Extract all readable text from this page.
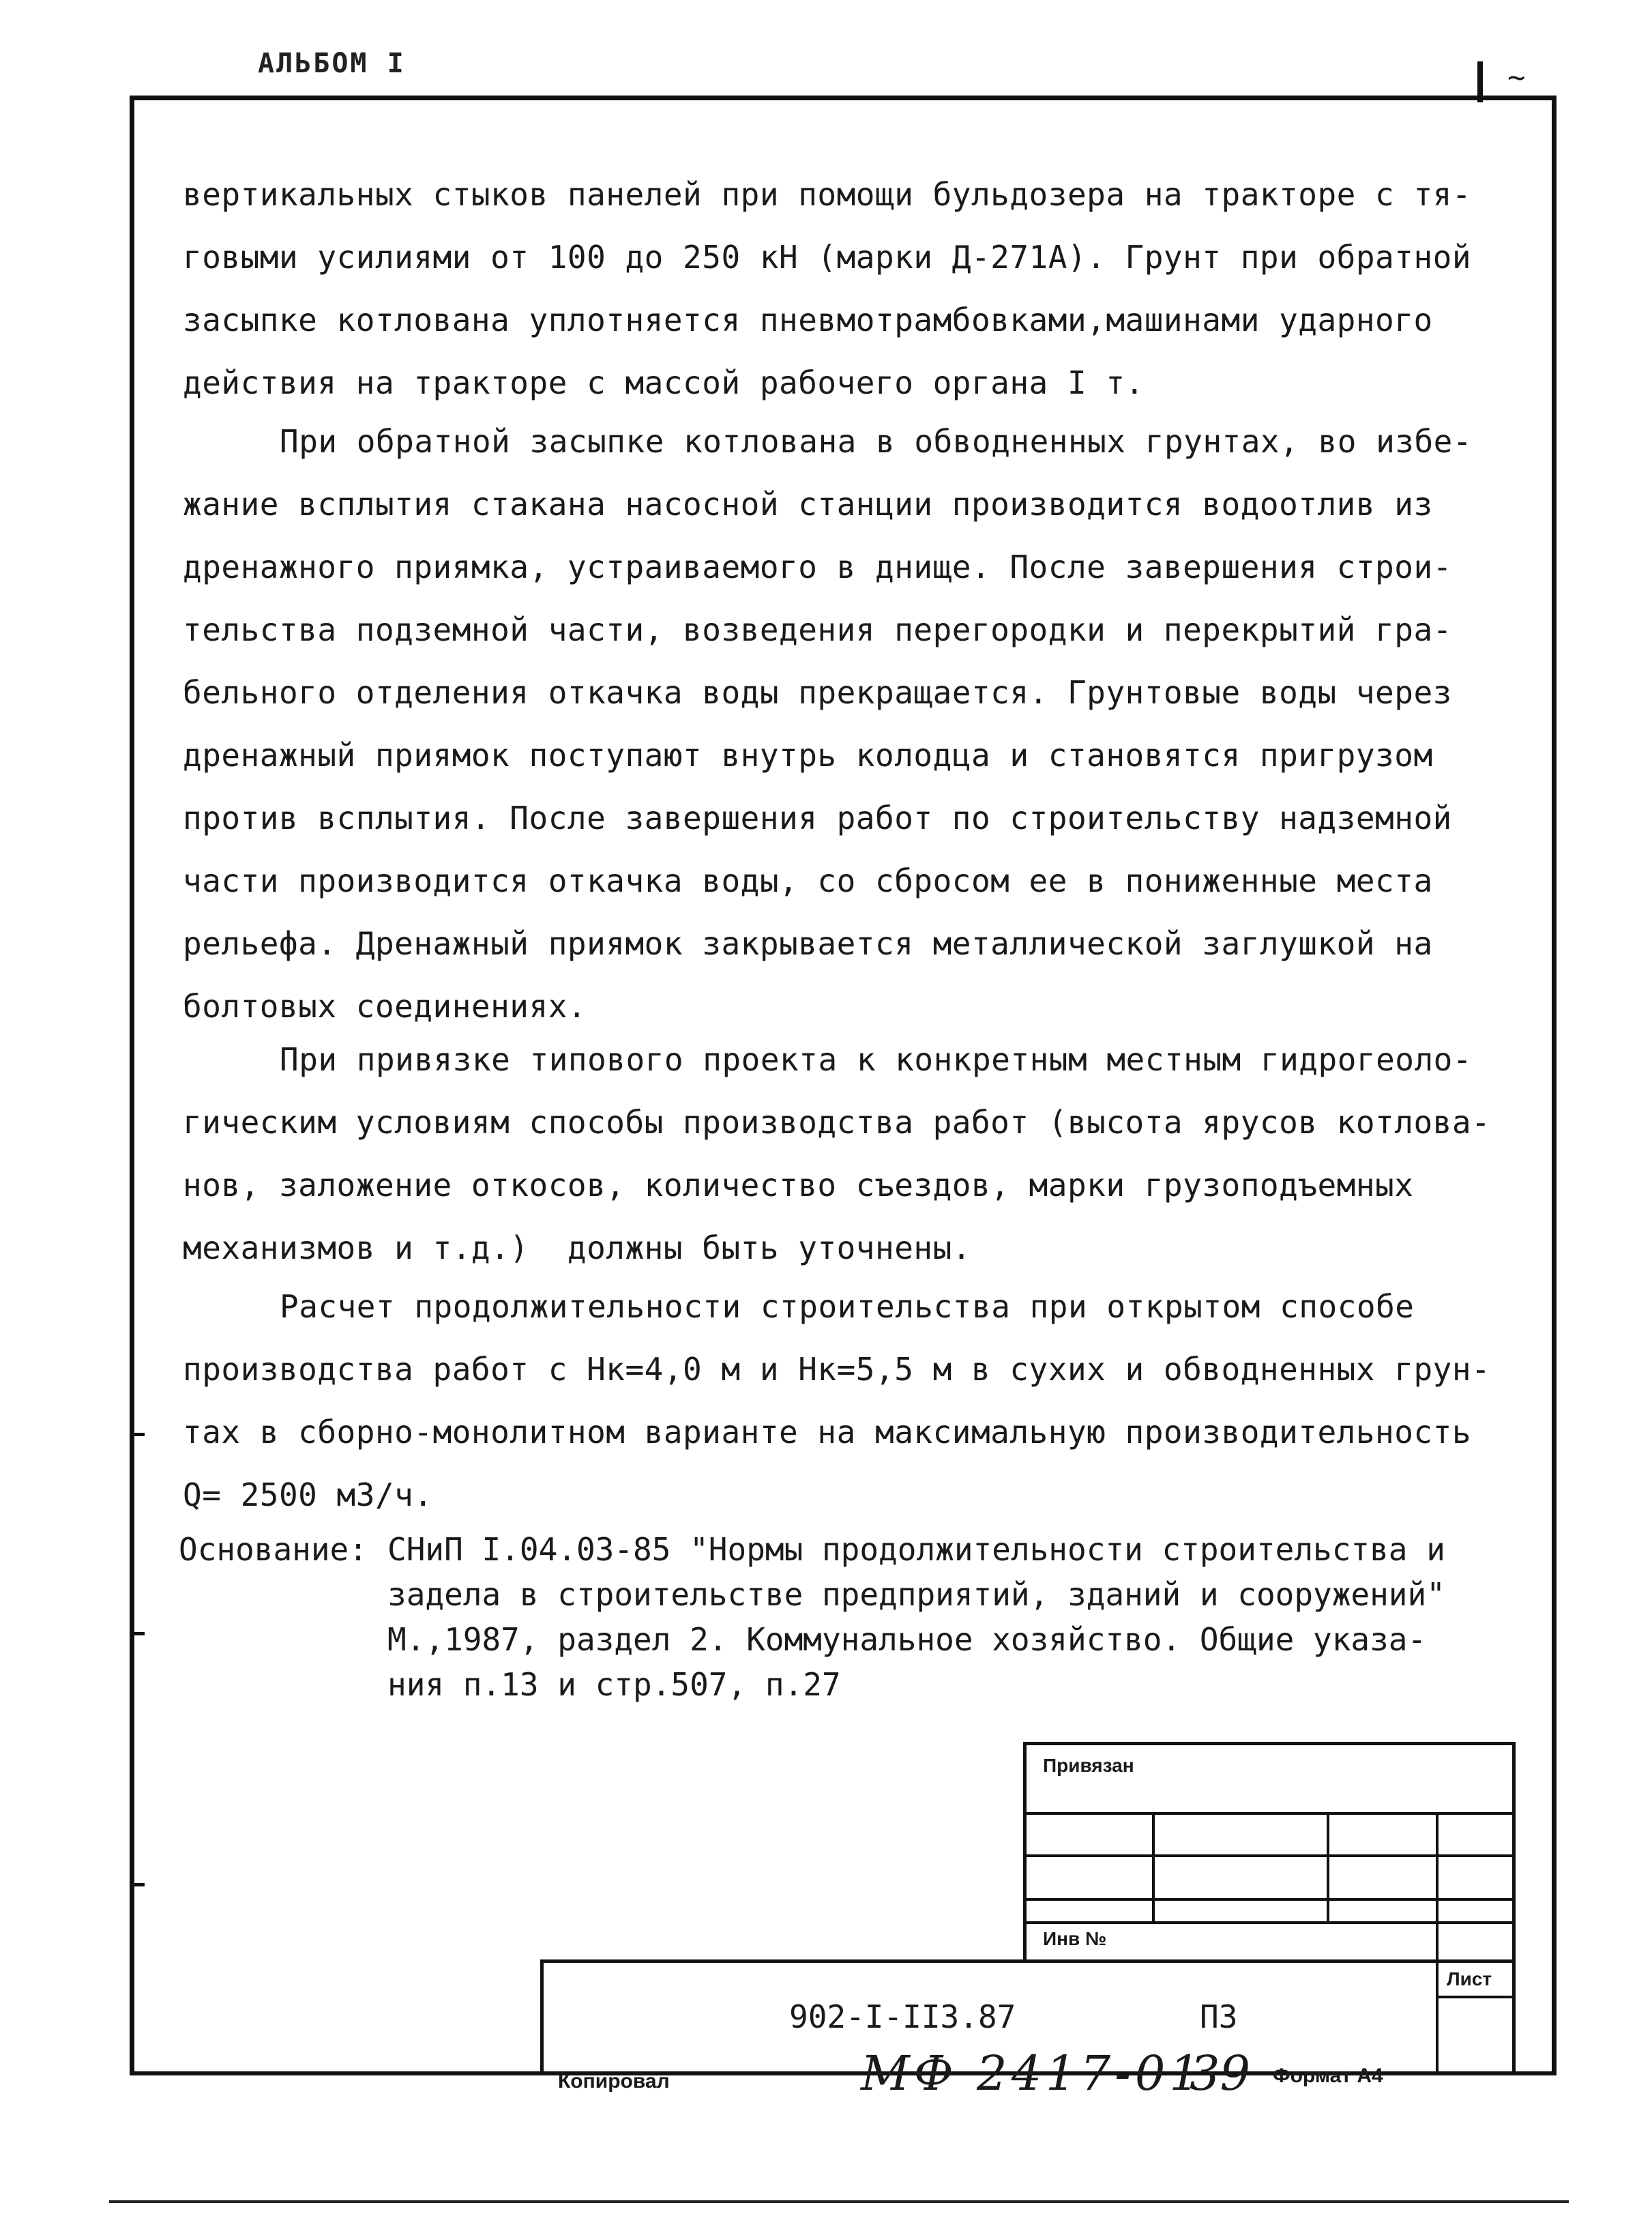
АЛЬБОМ I	~
вертикальных стыков панелей при помощи бульдозера на тракторе с тя-
говыми усилиями от 100 до 250 кН (марки Д-271А). Грунт при обратной
засыпке котлована уплотняется пневмотрамбовками,машинами ударного
действия на тракторе с массой рабочего органа I т.
При обратной засыпке котлована в обводненных грунтах, во избе-
жание всплытия стакана насосной станции производится водоотлив из
дренажного приямка, устраиваемого в днище. После завершения строи-
тельства подземной части, возведения перегородки и перекрытий гра-
бельного отделения откачка воды прекращается. Грунтовые воды через
дренажный приямок поступают внутрь колодца и становятся пригрузом
против всплытия. После завершения работ по строительству надземной
части производится откачка воды, со сбросом ее в пониженные места
рельефа. Дренажный приямок закрывается металлической заглушкой на
болтовых соединениях.
При привязке типового проекта к конкретным местным гидрогеоло-
гическим условиям способы производства работ (высота ярусов котлова-
нов, заложение откосов, количество съездов, марки грузоподъемных
механизмов и т.д.)  должны быть уточнены.
Расчет продолжительности строительства при открытом способе
производства работ с Hк=4,0 м и Hк=5,5 м в сухих и обводненных грун-
тах в сборно-монолитном варианте на максимальную производительность
Q= 2500 м3/ч.
Основание: СНиП I.04.03-85 "Нормы продолжительности строительства и
задела в строительстве предприятий, зданий и сооружений"
М.,1987, раздел 2. Коммунальное хозяйство. Общие указа-
ния п.13 и стр.507, п.27
Привязан
Инв №
902-I-II3.87	ПЗ
Лист
Копировал	МФ 2417-01
39 Формат А4
